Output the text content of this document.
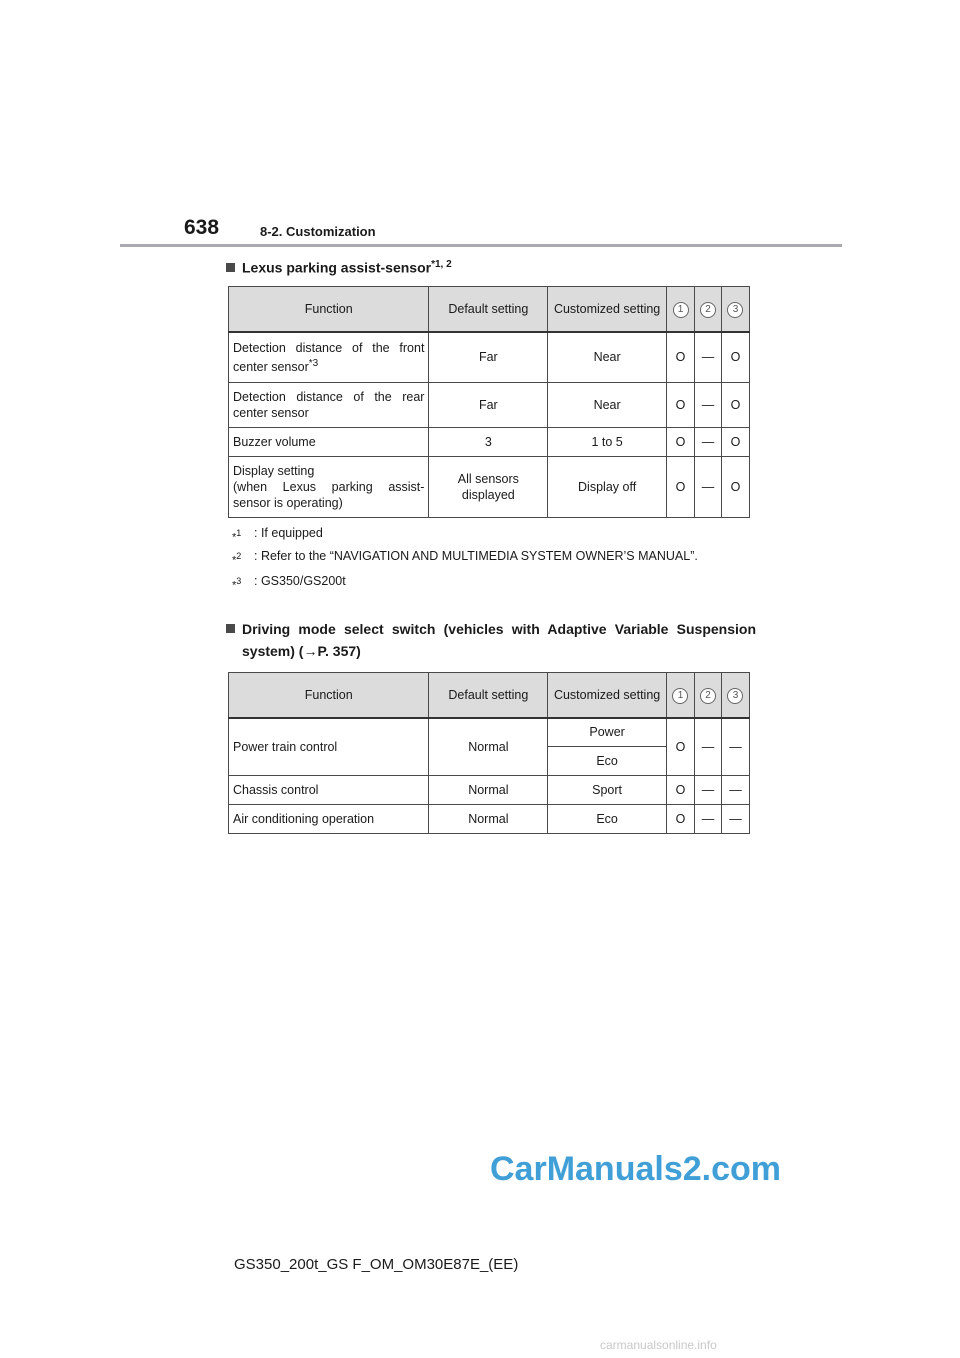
638	8-2. Customization
Lexus parking assist-sensor$^{*1, 2}$
Function	Default setting	Customized setting	1	2	3
Detection distance of the front center sensor$^{*3}$	Far	Near	O	—	O
Detection distance of the rear center sensor	Far	Near	O	—	O
Buzzer volume	3	1 to 5	O	—	O
Display setting
(when Lexus parking assist-sensor is operating)	All sensors displayed	Display off	O	—	O
*$^1$ : If equipped
*$^2$ : Refer to the “NAVIGATION AND MULTIMEDIA SYSTEM OWNER’S MANUAL”.
*$^3$ : GS350/GS200t
Driving mode select switch (vehicles with Adaptive Variable Suspension
system) (→P. 357)
Function	Default setting	Customized setting	1	2	3
Power train control	Normal	Power	O	—	—
		Eco			
Chassis control	Normal	Sport	O	—	—
Air conditioning operation	Normal	Eco	O	—	—
CarManuals2.com
GS350_200t_GS F_OM_OM30E87E_(EE)
carmanualsonline.info
